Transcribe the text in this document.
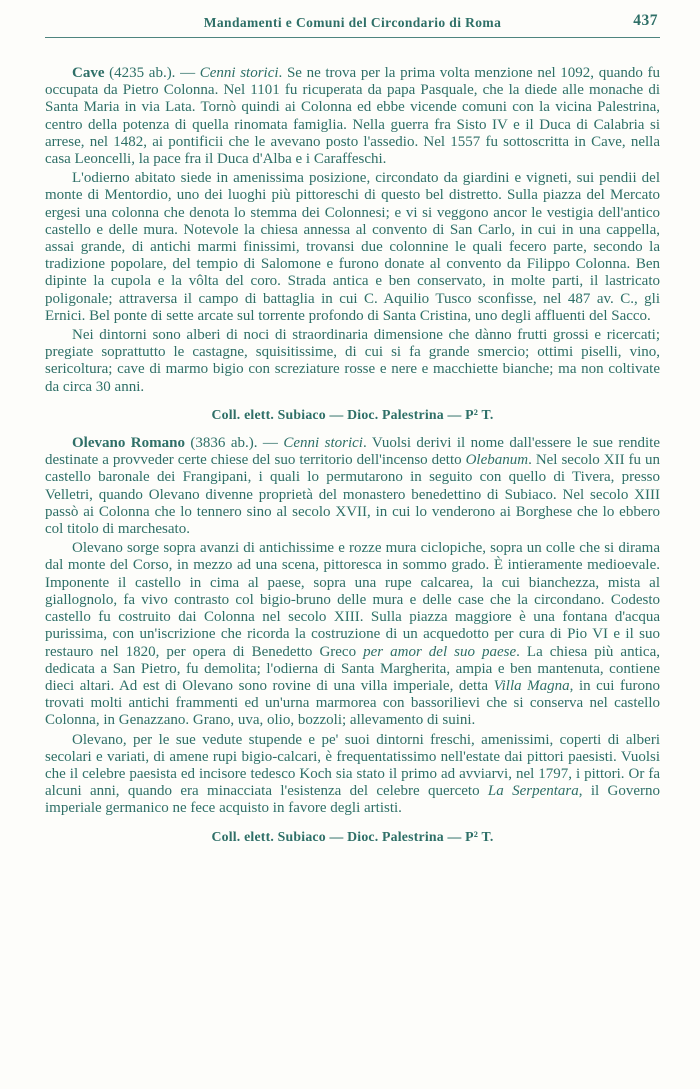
Mandamenti e Comuni del Circondario di Roma	437

Cave (4235 ab.). — Cenni storici. Se ne trova per la prima volta menzione nel 1092, quando fu occupata da Pietro Colonna. Nel 1101 fu ricuperata da papa Pasquale, che la diede alle monache di Santa Maria in via Lata. Tornò quindi ai Colonna ed ebbe vicende comuni con la vicina Palestrina, centro della potenza di quella rinomata famiglia. Nella guerra fra Sisto IV e il Duca di Calabria si arrese, nel 1482, ai pontificii che le avevano posto l'assedio. Nel 1557 fu sottoscritta in Cave, nella casa Leoncelli, la pace fra il Duca d'Alba e i Caraffeschi.

L'odierno abitato siede in amenissima posizione, circondato da giardini e vigneti, sui pendii del monte di Mentordio, uno dei luoghi più pittoreschi di questo bel distretto. Sulla piazza del Mercato ergesi una colonna che denota lo stemma dei Colonnesi; e vi si veggono ancor le vestigia dell'antico castello e delle mura. Notevole la chiesa annessa al convento di San Carlo, in cui in una cappella, assai grande, di antichi marmi finissimi, trovansi due colonnine le quali fecero parte, secondo la tradizione popolare, del tempio di Salomone e furono donate al convento da Filippo Colonna. Ben dipinte la cupola e la vôlta del coro. Strada antica e ben conservato, in molte parti, il lastricato poligonale; attraversa il campo di battaglia in cui C. Aquilio Tusco sconfisse, nel 487 av. C., gli Ernici. Bel ponte di sette arcate sul torrente profondo di Santa Cristina, uno degli affluenti del Sacco.

Nei dintorni sono alberi di noci di straordinaria dimensione che dànno frutti grossi e ricercati; pregiate soprattutto le castagne, squisitissime, di cui si fa grande smercio; ottimi piselli, vino, sericoltura; cave di marmo bigio con screziature rosse e nere e macchiette bianche; ma non coltivate da circa 30 anni.

Coll. elett. Subiaco — Dioc. Palestrina — P² T.

Olevano Romano (3836 ab.). — Cenni storici. Vuolsi derivi il nome dall'essere le sue rendite destinate a provveder certe chiese del suo territorio dell'incenso detto Olebanum. Nel secolo XII fu un castello baronale dei Frangipani, i quali lo permutarono in seguito con quello di Tivera, presso Velletri, quando Olevano divenne proprietà del monastero benedettino di Subiaco. Nel secolo XIII passò ai Colonna che lo tennero sino al secolo XVII, in cui lo venderono ai Borghese che lo ebbero col titolo di marchesato.

Olevano sorge sopra avanzi di antichissime e rozze mura ciclopiche, sopra un colle che si dirama dal monte del Corso, in mezzo ad una scena, pittoresca in sommo grado. È intieramente medioevale. Imponente il castello in cima al paese, sopra una rupe calcarea, la cui bianchezza, mista al giallognolo, fa vivo contrasto col bigio-bruno delle mura e delle case che la circondano. Codesto castello fu costruito dai Colonna nel secolo XIII. Sulla piazza maggiore è una fontana d'acqua purissima, con un'iscrizione che ricorda la costruzione di un acquedotto per cura di Pio VI e il suo restauro nel 1820, per opera di Benedetto Greco per amor del suo paese. La chiesa più antica, dedicata a San Pietro, fu demolita; l'odierna di Santa Margherita, ampia e ben mantenuta, contiene dieci altari. Ad est di Olevano sono rovine di una villa imperiale, detta Villa Magna, in cui furono trovati molti antichi frammenti ed un'urna marmorea con bassorilievi che si conserva nel castello Colonna, in Genazzano. Grano, uva, olio, bozzoli; allevamento di suini.

Olevano, per le sue vedute stupende e pe' suoi dintorni freschi, amenissimi, coperti di alberi secolari e variati, di amene rupi bigio-calcari, è frequentatissimo nell'estate dai pittori paesisti. Vuolsi che il celebre paesista ed incisore tedesco Koch sia stato il primo ad avviarvi, nel 1797, i pittori. Or fa alcuni anni, quando era minacciata l'esistenza del celebre querceto La Serpentara, il Governo imperiale germanico ne fece acquisto in favore degli artisti.

Coll. elett. Subiaco — Dioc. Palestrina — P² T.
